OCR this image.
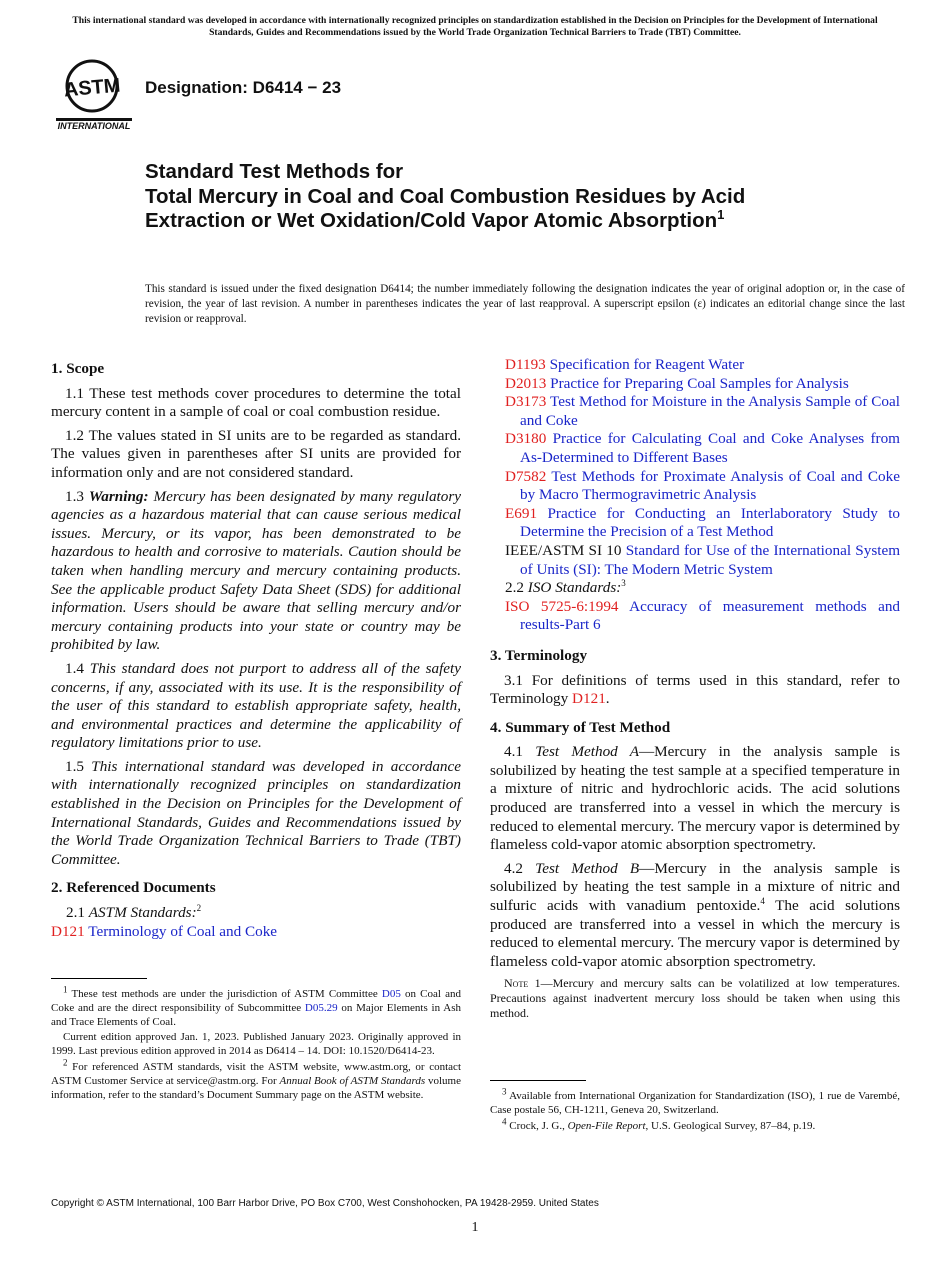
This international standard was developed in accordance with internationally recognized principles on standardization established in the Decision on Principles for the Development of International Standards, Guides and Recommendations issued by the World Trade Organization Technical Barriers to Trade (TBT) Committee.
ASTM
INTERNATIONAL
Designation: D6414 − 23
Standard Test Methods for
Total Mercury in Coal and Coal Combustion Residues by Acid Extraction or Wet Oxidation/Cold Vapor Atomic Absorption$^1$
This standard is issued under the fixed designation D6414; the number immediately following the designation indicates the year of original adoption or, in the case of revision, the year of last revision. A number in parentheses indicates the year of last reapproval. A superscript epsilon (ε) indicates an editorial change since the last revision or reapproval.
1. Scope

1.1 These test methods cover procedures to determine the total mercury content in a sample of coal or coal combustion residue.

1.2 The values stated in SI units are to be regarded as standard. The values given in parentheses after SI units are provided for information only and are not considered standard.

1.3 Warning: Mercury has been designated by many regulatory agencies as a hazardous material that can cause serious medical issues. Mercury, or its vapor, has been demonstrated to be hazardous to health and corrosive to materials. Caution should be taken when handling mercury and mercury containing products. See the applicable product Safety Data Sheet (SDS) for additional information. Users should be aware that selling mercury and/or mercury containing products into your state or country may be prohibited by law.

1.4 This standard does not purport to address all of the safety concerns, if any, associated with its use. It is the responsibility of the user of this standard to establish appropriate safety, health, and environmental practices and determine the applicability of regulatory limitations prior to use.

1.5 This international standard was developed in accordance with internationally recognized principles on standardization established in the Decision on Principles for the Development of International Standards, Guides and Recommendations issued by the World Trade Organization Technical Barriers to Trade (TBT) Committee.

2. Referenced Documents

2.1 ASTM Standards:$^2$

D121 Terminology of Coal and Coke

D1193 Specification for Reagent Water

D2013 Practice for Preparing Coal Samples for Analysis

D3173 Test Method for Moisture in the Analysis Sample of Coal and Coke

D3180 Practice for Calculating Coal and Coke Analyses from As-Determined to Different Bases

D7582 Test Methods for Proximate Analysis of Coal and Coke by Macro Thermogravimetric Analysis

E691 Practice for Conducting an Interlaboratory Study to Determine the Precision of a Test Method

IEEE/ASTM SI 10 Standard for Use of the International System of Units (SI): The Modern Metric System

2.2 ISO Standards:$^3$

ISO 5725-6:1994 Accuracy of measurement methods and results-Part 6

3. Terminology

3.1 For definitions of terms used in this standard, refer to Terminology D121.

4. Summary of Test Method

4.1 Test Method A—Mercury in the analysis sample is solubilized by heating the test sample at a specified temperature in a mixture of nitric and hydrochloric acids. The acid solutions produced are transferred into a vessel in which the mercury is reduced to elemental mercury. The mercury vapor is determined by flameless cold-vapor atomic absorption spectrometry.

4.2 Test Method B—Mercury in the analysis sample is solubilized by heating the test sample in a mixture of nitric and sulfuric acids with vanadium pentoxide.$^4$ The acid solutions produced are transferred into a vessel in which the mercury is reduced to elemental mercury. The mercury vapor is determined by flameless cold-vapor atomic absorption spectrometry.

Note 1—Mercury and mercury salts can be volatilized at low temperatures. Precautions against inadvertent mercury loss should be taken when using this method.

$^1$ These test methods are under the jurisdiction of ASTM Committee D05 on Coal and Coke and are the direct responsibility of Subcommittee D05.29 on Major Elements in Ash and Trace Elements of Coal.

Current edition approved Jan. 1, 2023. Published January 2023. Originally approved in 1999. Last previous edition approved in 2014 as D6414 – 14. DOI: 10.1520/D6414-23.

$^2$ For referenced ASTM standards, visit the ASTM website, www.astm.org, or contact ASTM Customer Service at service@astm.org. For Annual Book of ASTM Standards volume information, refer to the standard’s Document Summary page on the ASTM website.	$^3$ Available from International Organization for Standardization (ISO), 1 rue de Varembé, Case postale 56, CH-1211, Geneva 20, Switzerland.

$^4$ Crock, J. G., Open-File Report, U.S. Geological Survey, 87–84, p.19.

Copyright © ASTM International, 100 Barr Harbor Drive, PO Box C700, West Conshohocken, PA 19428-2959. United States
1
